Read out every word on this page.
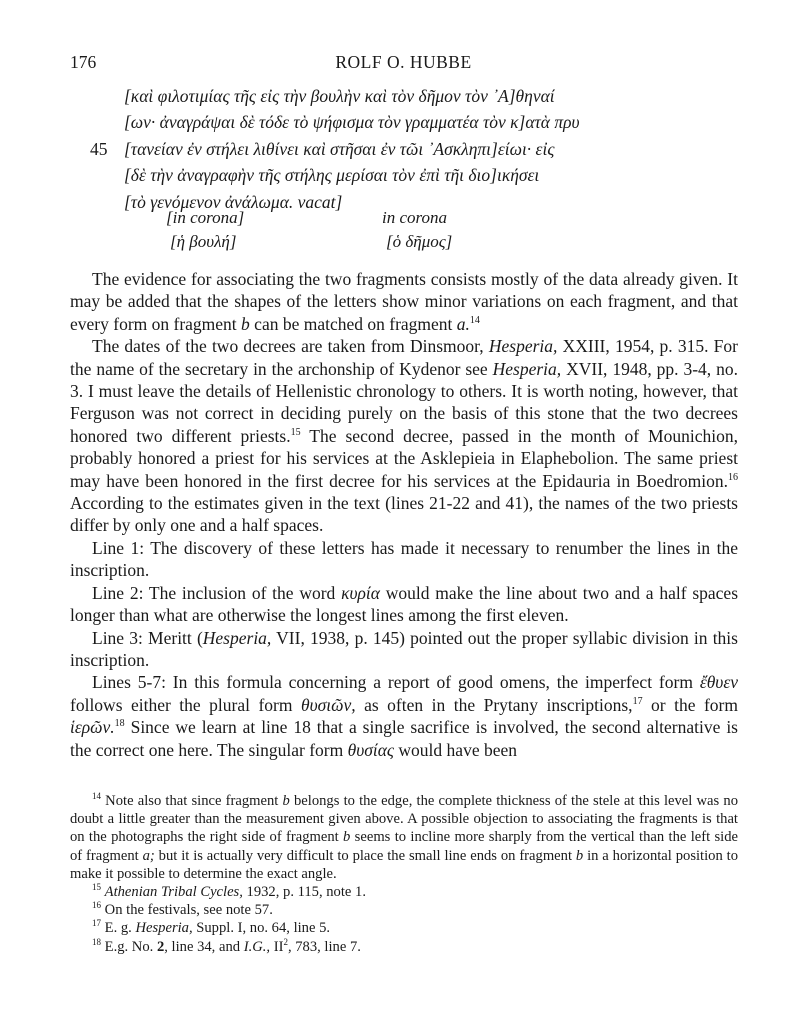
176	ROLF O. HUBBE
[καὶ φιλοτιμίας τῆς εἰς τὴν βουλὴν καὶ τὸν δῆμον τὸν ᾽Α]θηναί
[ων· ἀναγράψαι δὲ τόδε τὸ ψήφισμα τὸν γραμματέα τὸν κ]ατὰ πρυ
45 [τανείαν ἐν στήλει λιθίνει καὶ στῆσαι ἐν τῶι ᾽Ασκληπι]είωι· εἰς
[δὲ τὴν ἀναγραφὴν τῆς στήλης μερίσαι τὸν ἐπὶ τῆι διο]ικήσει
[τὸ γενόμενον ἀνάλωμα. vacat]
[in corona]	in corona
[ἡ βουλή]	[ὁ δῆμος]

The evidence for associating the two fragments consists mostly of the data already given. It may be added that the shapes of the letters show minor variations on each fragment, and that every form on fragment b can be matched on fragment a.$^{14}$

The dates of the two decrees are taken from Dinsmoor, Hesperia, XXIII, 1954, p. 315. For the name of the secretary in the archonship of Kydenor see Hesperia, XVII, 1948, pp. 3-4, no. 3. I must leave the details of Hellenistic chronology to others. It is worth noting, however, that Ferguson was not correct in deciding purely on the basis of this stone that the two decrees honored two different priests.$^{15}$ The second decree, passed in the month of Mounichion, probably honored a priest for his services at the Asklepieia in Elaphebolion. The same priest may have been honored in the first decree for his services at the Epidauria in Boedromion.$^{16}$ According to the estimates given in the text (lines 21-22 and 41), the names of the two priests differ by only one and a half spaces.

Line 1: The discovery of these letters has made it necessary to renumber the lines in the inscription.

Line 2: The inclusion of the word κυρία would make the line about two and a half spaces longer than what are otherwise the longest lines among the first eleven.

Line 3: Meritt (Hesperia, VII, 1938, p. 145) pointed out the proper syllabic division in this inscription.

Lines 5-7: In this formula concerning a report of good omens, the imperfect form ἔθυεν follows either the plural form θυσιῶν, as often in the Prytany inscriptions,$^{17}$ or the form ἱερῶν.$^{18}$ Since we learn at line 18 that a single sacrifice is involved, the second alternative is the correct one here. The singular form θυσίας would have been

$^{14}$ Note also that since fragment b belongs to the edge, the complete thickness of the stele at this level was no doubt a little greater than the measurement given above. A possible objection to associating the fragments is that on the photographs the right side of fragment b seems to incline more sharply from the vertical than the left side of fragment a; but it is actually very difficult to place the small line ends on fragment b in a horizontal position to make it possible to determine the exact angle.

$^{15}$ Athenian Tribal Cycles, 1932, p. 115, note 1.

$^{16}$ On the festivals, see note 57.

$^{17}$ E. g. Hesperia, Suppl. I, no. 64, line 5.

$^{18}$ E.g. No. 2, line 34, and I.G., $II^2$, 783, line 7.
